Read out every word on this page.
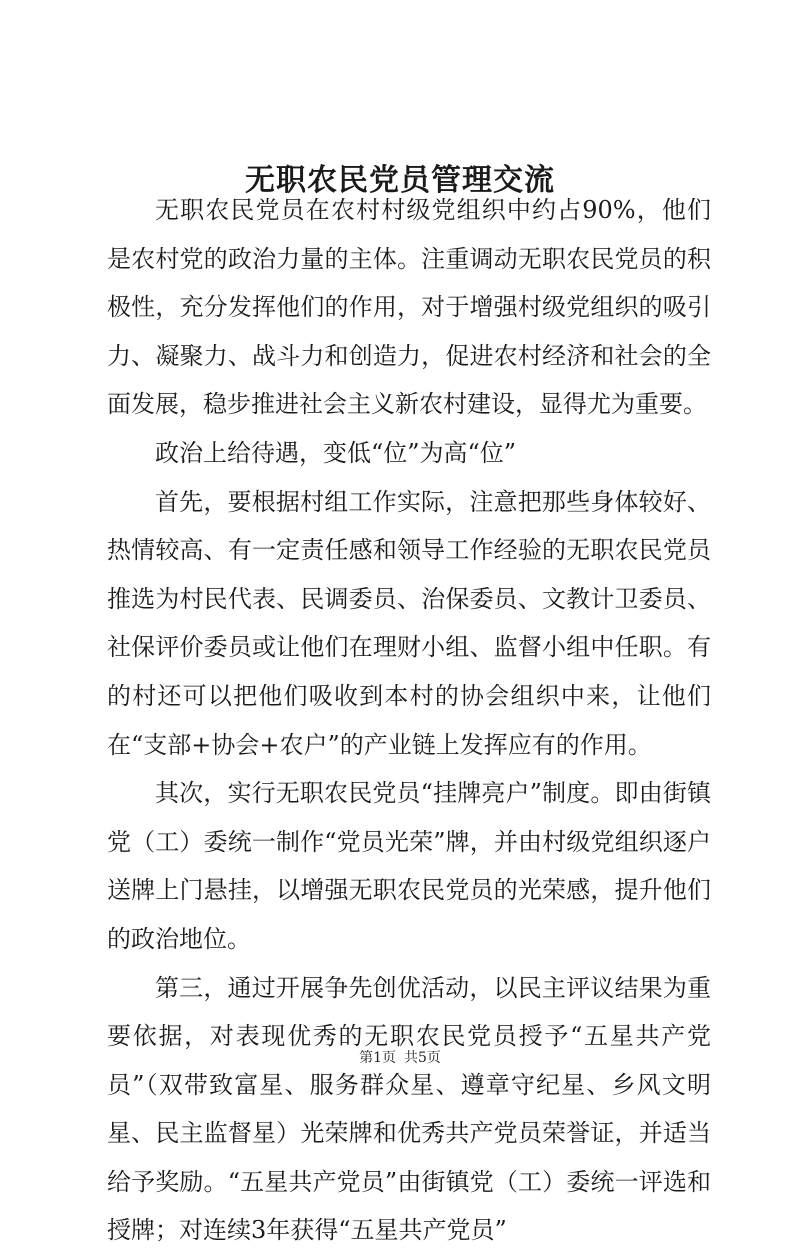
无职农民党员管理交流

无职农民党员在农村村级党组织中约占90%，他们是农村党的政治力量的主体。注重调动无职农民党员的积极性，充分发挥他们的作用，对于增强村级党组织的吸引力、凝聚力、战斗力和创造力，促进农村经济和社会的全面发展，稳步推进社会主义新农村建设，显得尤为重要。

政治上给待遇，变低“位”为高“位”

首先，要根据村组工作实际，注意把那些身体较好、热情较高、有一定责任感和领导工作经验的无职农民党员推选为村民代表、民调委员、治保委员、文教计卫委员、社保评价委员或让他们在理财小组、监督小组中任职。有的村还可以把他们吸收到本村的协会组织中来，让他们在“支部+协会+农户”的产业链上发挥应有的作用。

其次，实行无职农民党员“挂牌亮户”制度。即由街镇党（工）委统一制作“党员光荣”牌，并由村级党组织逐户送牌上门悬挂，以增强无职农民党员的光荣感，提升他们的政治地位。

第三，通过开展争先创优活动，以民主评议结果为重要依据，对表现优秀的无职农民党员授予“五星共产党员”（双带致富星、服务群众星、遵章守纪星、乡风文明星、民主监督星）光荣牌和优秀共产党员荣誉证，并适当给予奖励。“五星共产党员”由街镇党（工）委统一评选和授牌；对连续3年获得“五星共产党员”

第1页 共5页
